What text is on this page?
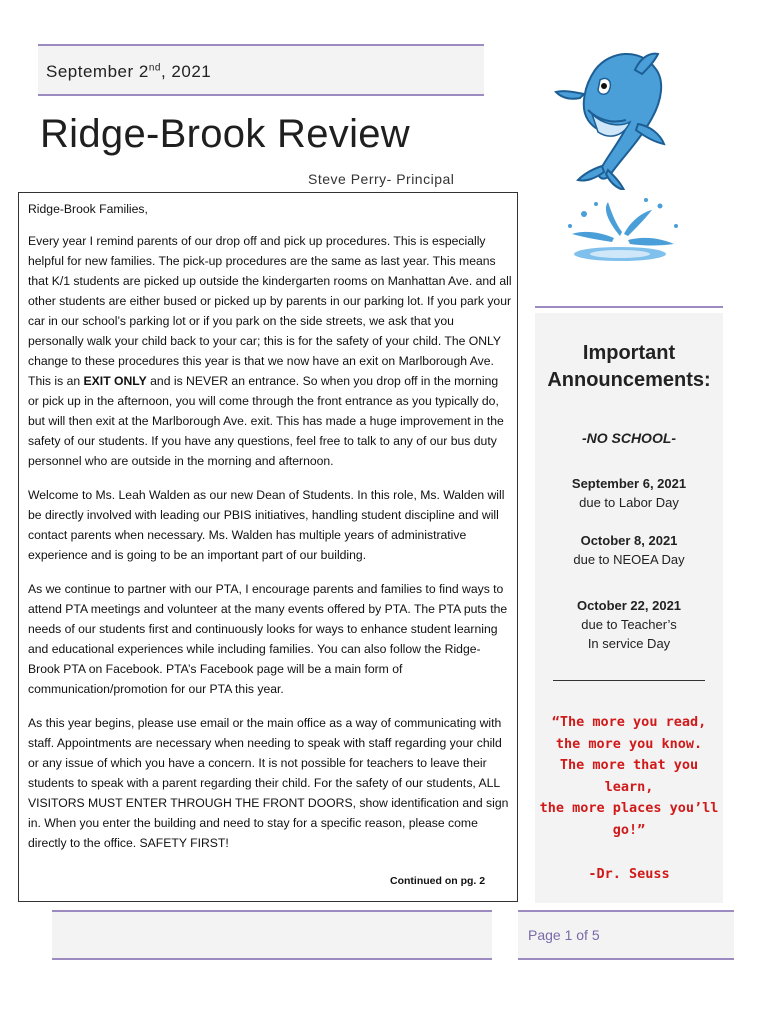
September 2nd, 2021
Ridge-Brook Review
Steve Perry- Principal

Ridge-Brook Families,

Every year I remind parents of our drop off and pick up procedures. This is especially helpful for new families. The pick-up procedures are the same as last year. This means that K/1 students are picked up outside the kindergarten rooms on Manhattan Ave. and all other students are either bused or picked up by parents in our parking lot. If you park your car in our school’s parking lot or if you park on the side streets, we ask that you personally walk your child back to your car; this is for the safety of your child. The ONLY change to these procedures this year is that we now have an exit on Marlborough Ave. This is an EXIT ONLY and is NEVER an entrance. So when you drop off in the morning or pick up in the afternoon, you will come through the front entrance as you typically do, but will then exit at the Marlborough Ave. exit. This has made a huge improvement in the safety of our students. If you have any questions, feel free to talk to any of our bus duty personnel who are outside in the morning and afternoon.

Welcome to Ms. Leah Walden as our new Dean of Students. In this role, Ms. Walden will be directly involved with leading our PBIS initiatives, handling student discipline and will contact parents when necessary. Ms. Walden has multiple years of administrative experience and is going to be an important part of our building.

As we continue to partner with our PTA, I encourage parents and families to find ways to attend PTA meetings and volunteer at the many events offered by PTA. The PTA puts the needs of our students first and continuously looks for ways to enhance student learning and educational experiences while including families. You can also follow the Ridge-Brook PTA on Facebook. PTA’s Facebook page will be a main form of communication/promotion for our PTA this year.

As this year begins, please use email or the main office as a way of communicating with staff. Appointments are necessary when needing to speak with staff regarding your child or any issue of which you have a concern. It is not possible for teachers to leave their students to speak with a parent regarding their child. For the safety of our students, ALL VISITORS MUST ENTER THROUGH THE FRONT DOORS, show identification and sign in. When you enter the building and need to stay for a specific reason, please come directly to the office. SAFETY FIRST!

Continued on pg. 2
Important
Announcements:
-NO SCHOOL-
September 6, 2021
due to Labor Day
October 8, 2021
due to NEOEA Day
October 22, 2021
due to Teacher’s
In service Day
“The more you read,
the more you know.
The more that you
learn,
the more places you’ll
go!”
-Dr. Seuss
Page 1 of 5
